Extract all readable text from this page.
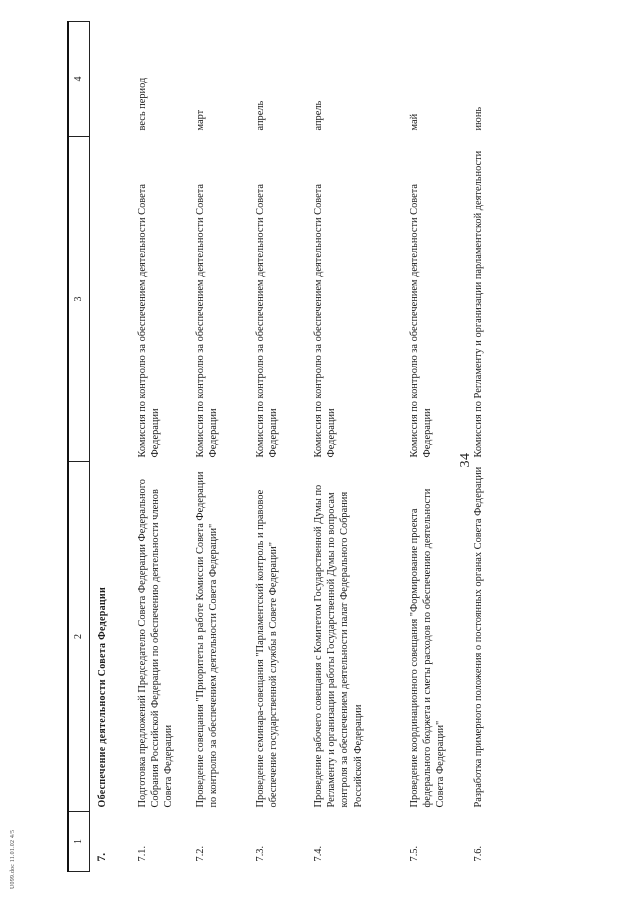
U099.doc 11.01.02 4/5
34
1	2	3	4
7.	Обеспечение деятельности Совета Федерации		
7.1.	Подготовка предложений Председателю Совета Федерации Федерального Собрания Российской Федерации по обеспечению деятельности членов Совета Федерации	Комиссия по контролю за обеспечением деятельности Совета Федерации	весь период
7.2.	Проведение совещания "Приоритеты в работе Комиссии Совета Федерации по контролю за обеспечением деятельности Совета Федерации"	Комиссия по контролю за обеспечением деятельности Совета Федерации	март
7.3.	Проведение семинара-совещания "Парламентский контроль и правовое обеспечение государственной службы в Совете Федерации"	Комиссия по контролю за обеспечением деятельности Совета Федерации	апрель
7.4.	Проведение рабочего совещания с Комитетом Государственной Думы по Регламенту и организации работы Государственной Думы по вопросам контроля за обеспечением деятельности палат Федерального Собрания Российской Федерации	Комиссия по контролю за обеспечением деятельности Совета Федерации	апрель
7.5.	Проведение координационного совещания "Формирование проекта федерального бюджета и сметы расходов по обеспечению деятельности Совета Федерации"	Комиссия по контролю за обеспечением деятельности Совета Федерации	май
7.6.	Разработка примерного положения о постоянных органах Совета Федерации	Комиссия по Регламенту и организации парламентской деятельности	июнь
